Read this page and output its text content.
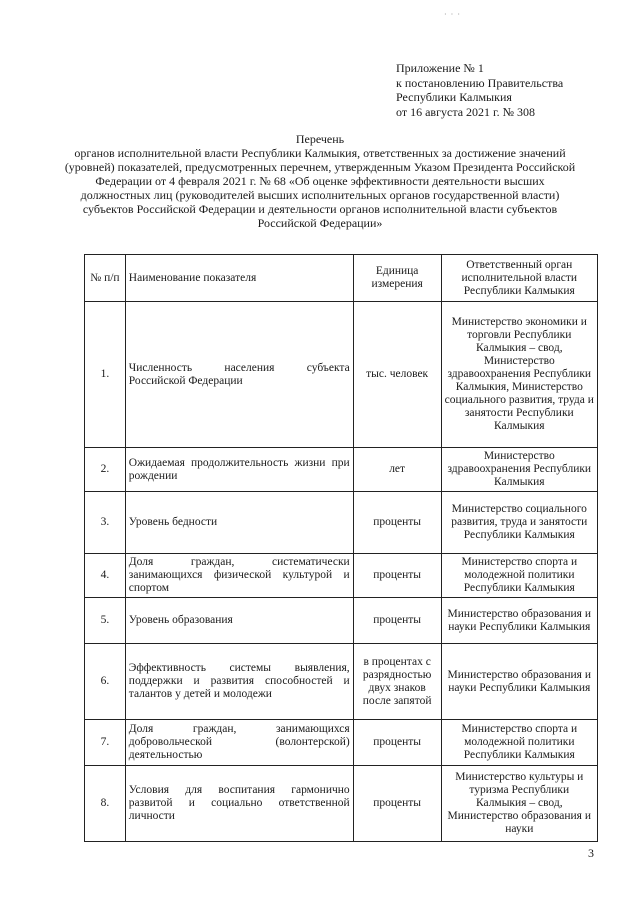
· · ·
Приложение № 1
к постановлению Правительства
Республики Калмыкия
от 16 августа 2021 г. № 308
Перечень
органов исполнительной власти Республики Калмыкия, ответственных за достижение значений (уровней) показателей, предусмотренных перечнем, утвержденным Указом Президента Российской Федерации от 4 февраля 2021 г. № 68 «Об оценке эффективности деятельности высших должностных лиц (руководителей высших исполнительных органов государственной власти) субъектов Российской Федерации и деятельности органов исполнительной власти субъектов Российской Федерации»
№ п/п	Наименование показателя	Единица измерения	Ответственный орган исполнительной власти Республики Калмыкия
1.	Численность населения субъекта Российской Федерации	тыс. человек	Министерство экономики и торговли Республики Калмыкия – свод, Министерство здравоохранения Республики Калмыкия, Министерство социального развития, труда и занятости Республики Калмыкия
2.	Ожидаемая продолжительность жизни при рождении	лет	Министерство здравоохранения Республики Калмыкия
3.	Уровень бедности	проценты	Министерство социального развития, труда и занятости Республики Калмыкия
4.	Доля граждан, систематически занимающихся физической культурой и спортом	проценты	Министерство спорта и молодежной политики Республики Калмыкия
5.	Уровень образования	проценты	Министерство образования и науки Республики Калмыкия
6.	Эффективность системы выявления, поддержки и развития способностей и талантов у детей и молодежи	в процентах с разрядностью двух знаков после запятой	Министерство образования и науки Республики Калмыкия
7.	Доля граждан, занимающихся добровольческой (волонтерской) деятельностью	проценты	Министерство спорта и молодежной политики Республики Калмыкия
8.	Условия для воспитания гармонично развитой и социально ответственной личности	проценты	Министерство культуры и туризма Республики Калмыкия – свод, Министерство образования и науки
3
